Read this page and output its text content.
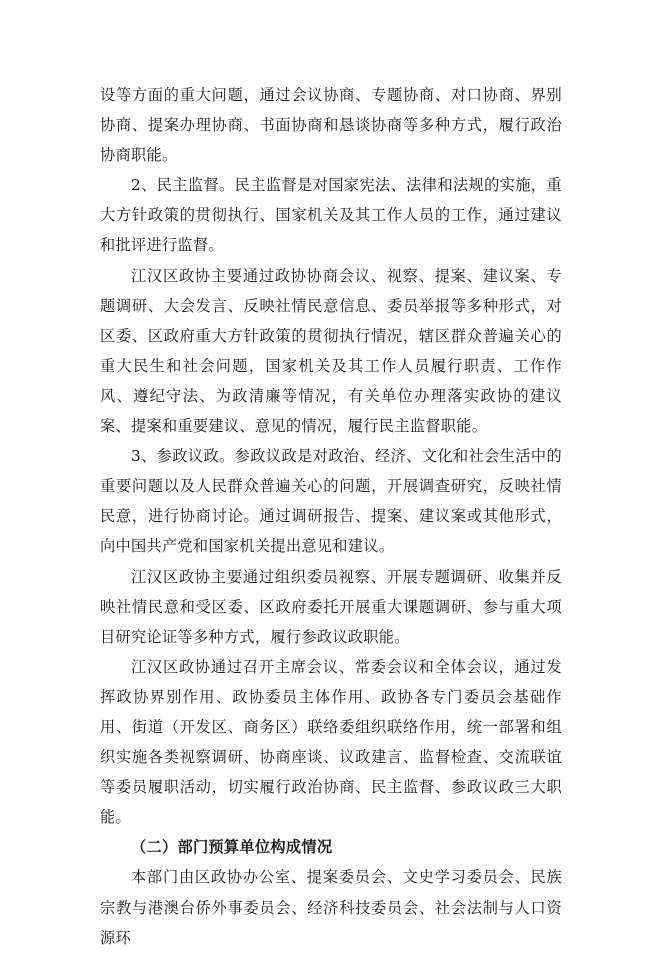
设等方面的重大问题，通过会议协商、专题协商、对口协商、界别协商、提案办理协商、书面协商和恳谈协商等多种方式，履行政治协商职能。

2、民主监督。民主监督是对国家宪法、法律和法规的实施，重大方针政策的贯彻执行、国家机关及其工作人员的工作，通过建议和批评进行监督。

江汉区政协主要通过政协协商会议、视察、提案、建议案、专题调研、大会发言、反映社情民意信息、委员举报等多种形式，对区委、区政府重大方针政策的贯彻执行情况，辖区群众普遍关心的重大民生和社会问题，国家机关及其工作人员履行职责、工作作风、遵纪守法、为政清廉等情况，有关单位办理落实政协的建议案、提案和重要建议、意见的情况，履行民主监督职能。

3、参政议政。参政议政是对政治、经济、文化和社会生活中的重要问题以及人民群众普遍关心的问题，开展调查研究，反映社情民意，进行协商讨论。通过调研报告、提案、建议案或其他形式，向中国共产党和国家机关提出意见和建议。

江汉区政协主要通过组织委员视察、开展专题调研、收集并反映社情民意和受区委、区政府委托开展重大课题调研、参与重大项目研究论证等多种方式，履行参政议政职能。

江汉区政协通过召开主席会议、常委会议和全体会议，通过发挥政协界别作用、政协委员主体作用、政协各专门委员会基础作用、街道（开发区、商务区）联络委组织联络作用，统一部署和组织实施各类视察调研、协商座谈、议政建言、监督检查、交流联谊等委员履职活动，切实履行政治协商、民主监督、参政议政三大职能。

（二）部门预算单位构成情况

本部门由区政协办公室、提案委员会、文史学习委员会、民族宗教与港澳台侨外事委员会、经济科技委员会、社会法制与人口资源环
